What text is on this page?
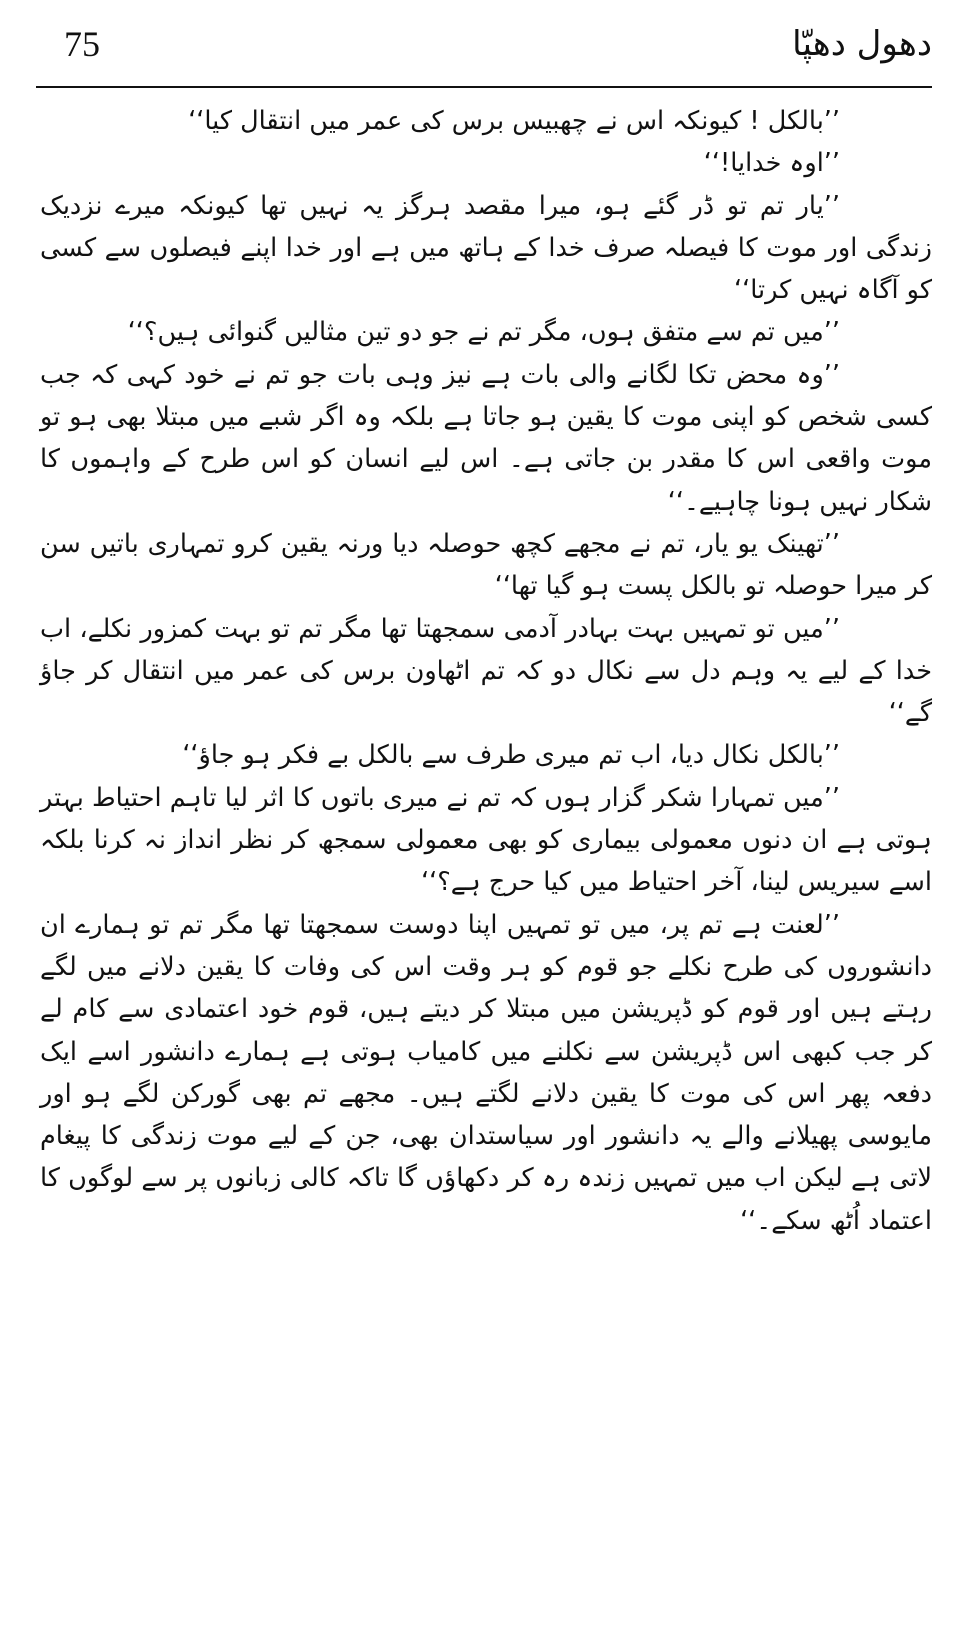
75	دھول دھپّا

’’بالکل ! کیونکہ اس نے چھبیس برس کی عمر میں انتقال کیا‘‘

’’اوہ خدایا!‘‘

’’یار تم تو ڈر گئے ہو، میرا مقصد ہرگز یہ نہیں تھا کیونکہ میرے نزدیک زندگی اور موت کا فیصلہ صرف خدا کے ہاتھ میں ہے اور خدا اپنے فیصلوں سے کسی کو آگاہ نہیں کرتا‘‘

’’میں تم سے متفق ہوں، مگر تم نے جو دو تین مثالیں گنوائی ہیں؟‘‘

’’وہ محض تکا لگانے والی بات ہے نیز وہی بات جو تم نے خود کہی کہ جب کسی شخص کو اپنی موت کا یقین ہو جاتا ہے بلکہ وہ اگر شبے میں مبتلا بھی ہو تو موت واقعی اس کا مقدر بن جاتی ہے۔ اس لیے انسان کو اس طرح کے واہموں کا شکار نہیں ہونا چاہیے۔‘‘

’’تھینک یو یار، تم نے مجھے کچھ حوصلہ دیا ورنہ یقین کرو تمہاری باتیں سن کر میرا حوصلہ تو بالکل پست ہو گیا تھا‘‘

’’میں تو تمہیں بہت بہادر آدمی سمجھتا تھا مگر تم تو بہت کمزور نکلے، اب خدا کے لیے یہ وہم دل سے نکال دو کہ تم اٹھاون برس کی عمر میں انتقال کر جاؤ گے‘‘

’’بالکل نکال دیا، اب تم میری طرف سے بالکل بے فکر ہو جاؤ‘‘

’’میں تمہارا شکر گزار ہوں کہ تم نے میری باتوں کا اثر لیا تاہم احتیاط بہتر ہوتی ہے ان دنوں معمولی بیماری کو بھی معمولی سمجھ کر نظر انداز نہ کرنا بلکہ اسے سیریس لینا، آخر احتیاط میں کیا حرج ہے؟‘‘

’’لعنت ہے تم پر، میں تو تمہیں اپنا دوست سمجھتا تھا مگر تم تو ہمارے ان دانشوروں کی طرح نکلے جو قوم کو ہر وقت اس کی وفات کا یقین دلانے میں لگے رہتے ہیں اور قوم کو ڈپریشن میں مبتلا کر دیتے ہیں، قوم خود اعتمادی سے کام لے کر جب کبھی اس ڈپریشن سے نکلنے میں کامیاب ہوتی ہے ہمارے دانشور اسے ایک دفعہ پھر اس کی موت کا یقین دلانے لگتے ہیں۔ مجھے تم بھی گورکن لگے ہو اور مایوسی پھیلانے والے یہ دانشور اور سیاستدان بھی، جن کے لیے موت زندگی کا پیغام لاتی ہے لیکن اب میں تمہیں زندہ رہ کر دکھاؤں گا تاکہ کالی زبانوں پر سے لوگوں کا اعتماد اُٹھ سکے۔‘‘
